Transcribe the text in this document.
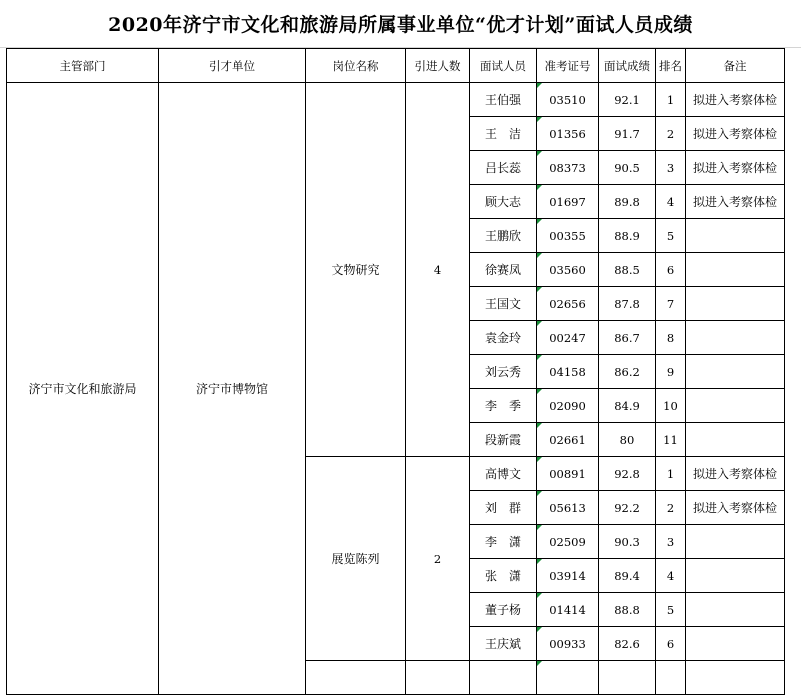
2020年济宁市文化和旅游局所属事业单位“优才计划”面试人员成绩
主管部门	引才单位	岗位名称	引进人数	面试人员	准考证号	面试成绩	排名	备注
济宁市文化和旅游局	济宁市博物馆	文物研究	4	王伯强	03510	92.1	1	拟进入考察体检
				王　洁	01356	91.7	2	拟进入考察体检
				吕长蕊	08373	90.5	3	拟进入考察体检
				顾大志	01697	89.8	4	拟进入考察体检
				王鹏欣	00355	88.9	5	
				徐赛凤	03560	88.5	6	
				王国文	02656	87.8	7	
				袁金玲	00247	86.7	8	
				刘云秀	04158	86.2	9	
				李　季	02090	84.9	10	
				段新霞	02661	80	11	
		展览陈列	2	高博文	00891	92.8	1	拟进入考察体检
				刘　群	05613	92.2	2	拟进入考察体检
				李　潇	02509	90.3	3	
				张　潇	03914	89.4	4	
				董子杨	01414	88.8	5	
				王庆斌	00933	82.6	6	
